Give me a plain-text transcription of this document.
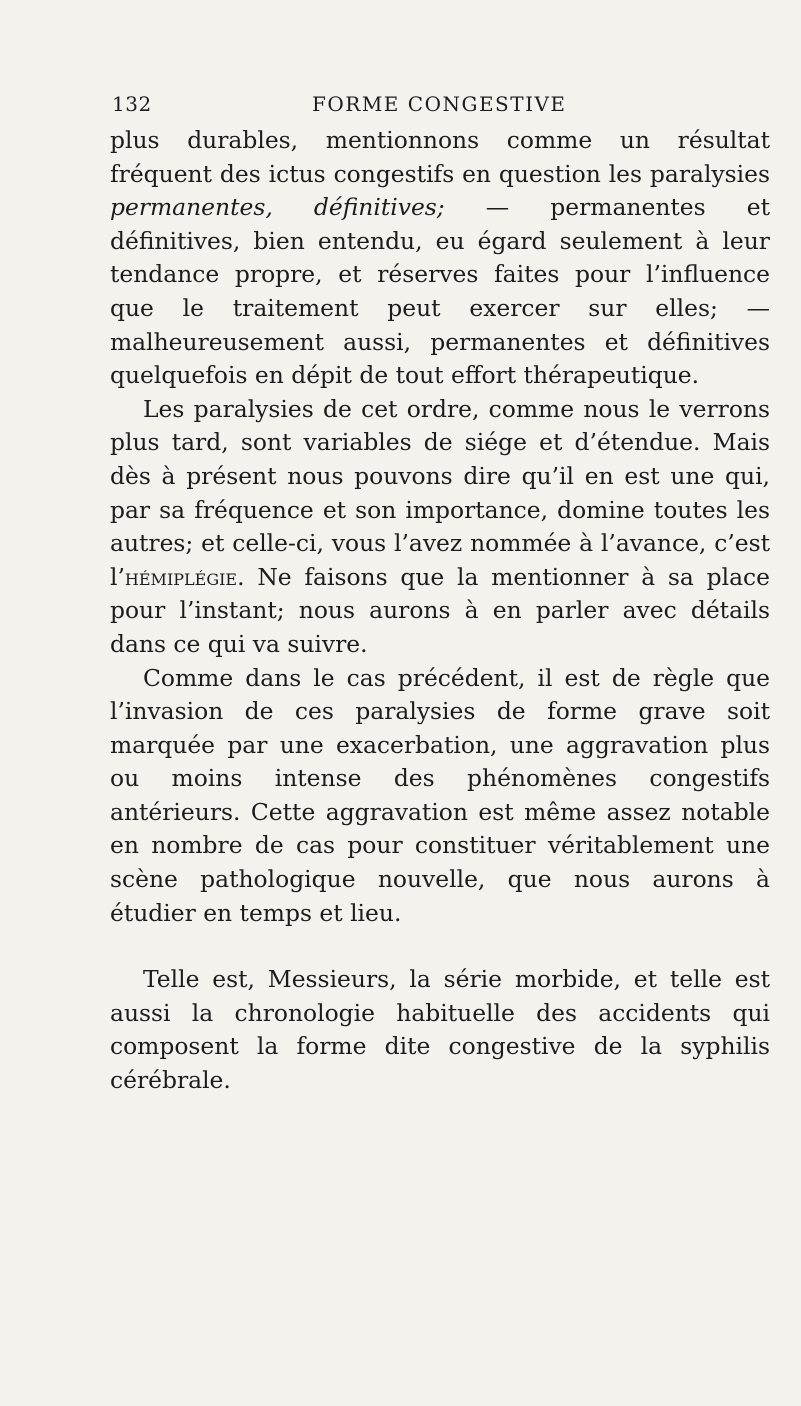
132	FORME CONGESTIVE

plus durables, mentionnons comme un résultat fréquent des ictus congestifs en question les paralysies permanentes, définitives; — permanentes et définitives, bien entendu, eu égard seulement à leur tendance propre, et réserves faites pour l’influence que le traitement peut exercer sur elles; — malheureusement aussi, permanentes et définitives quelquefois en dépit de tout effort thérapeutique.

Les paralysies de cet ordre, comme nous le verrons plus tard, sont variables de siége et d’étendue. Mais dès à présent nous pouvons dire qu’il en est une qui, par sa fréquence et son importance, domine toutes les autres; et celle-ci, vous l’avez nommée à l’avance, c’est l’hémiplégie. Ne faisons que la mentionner à sa place pour l’instant; nous aurons à en parler avec détails dans ce qui va suivre.

Comme dans le cas précédent, il est de règle que l’invasion de ces paralysies de forme grave soit marquée par une exacerbation, une aggravation plus ou moins intense des phénomènes congestifs antérieurs. Cette aggravation est même assez notable en nombre de cas pour constituer véritablement une scène pathologique nouvelle, que nous aurons à étudier en temps et lieu.

Telle est, Messieurs, la série morbide, et telle est aussi la chronologie habituelle des accidents qui composent la forme dite congestive de la syphilis cérébrale.
